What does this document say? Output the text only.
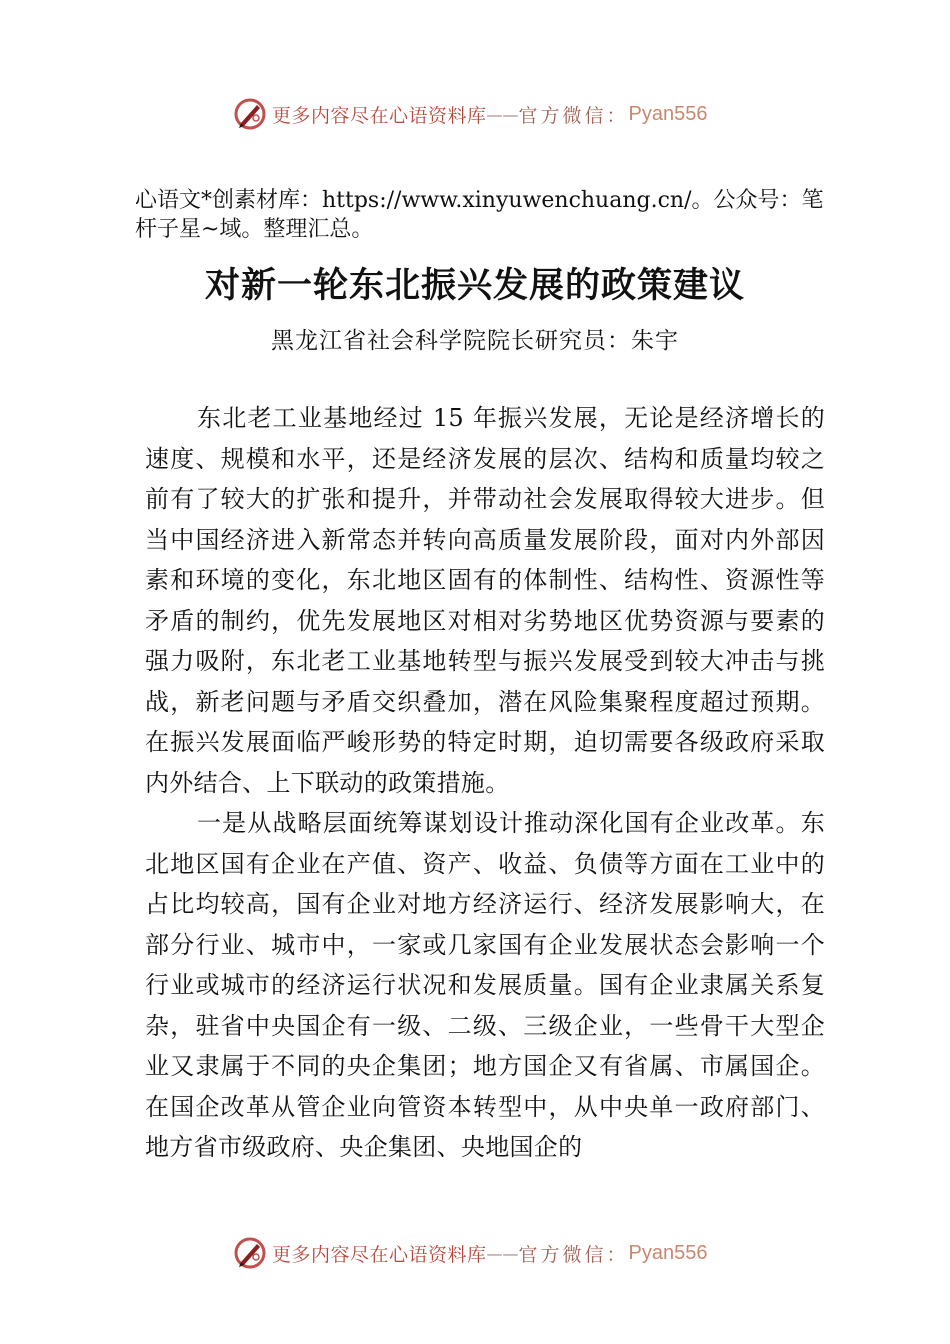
更多内容尽在心语资料库 —— 官方微信： Pyan556
心语文*创素材库：https://www.xinyuwenchuang.cn/。公众号：笔杆子星~域。整理汇总。
对新一轮东北振兴发展的政策建议
黑龙江省社会科学院院长研究员：朱宇

东北老工业基地经过 15 年振兴发展，无论是经济增长的速度、规模和水平，还是经济发展的层次、结构和质量均较之前有了较大的扩张和提升，并带动社会发展取得较大进步。但当中国经济进入新常态并转向高质量发展阶段，面对内外部因素和环境的变化，东北地区固有的体制性、结构性、资源性等矛盾的制约，优先发展地区对相对劣势地区优势资源与要素的强力吸附，东北老工业基地转型与振兴发展受到较大冲击与挑战，新老问题与矛盾交织叠加，潜在风险集聚程度超过预期。在振兴发展面临严峻形势的特定时期，迫切需要各级政府采取内外结合、上下联动的政策措施。

一是从战略层面统筹谋划设计推动深化国有企业改革。东北地区国有企业在产值、资产、收益、负债等方面在工业中的占比均较高，国有企业对地方经济运行、经济发展影响大，在部分行业、城市中，一家或几家国有企业发展状态会影响一个行业或城市的经济运行状况和发展质量。国有企业隶属关系复杂，驻省中央国企有一级、二级、三级企业，一些骨干大型企业又隶属于不同的央企集团；地方国企又有省属、市属国企。在国企改革从管企业向管资本转型中，从中央单一政府部门、地方省市级政府、央企集团、央地国企的

更多内容尽在心语资料库 —— 官方微信： Pyan556
